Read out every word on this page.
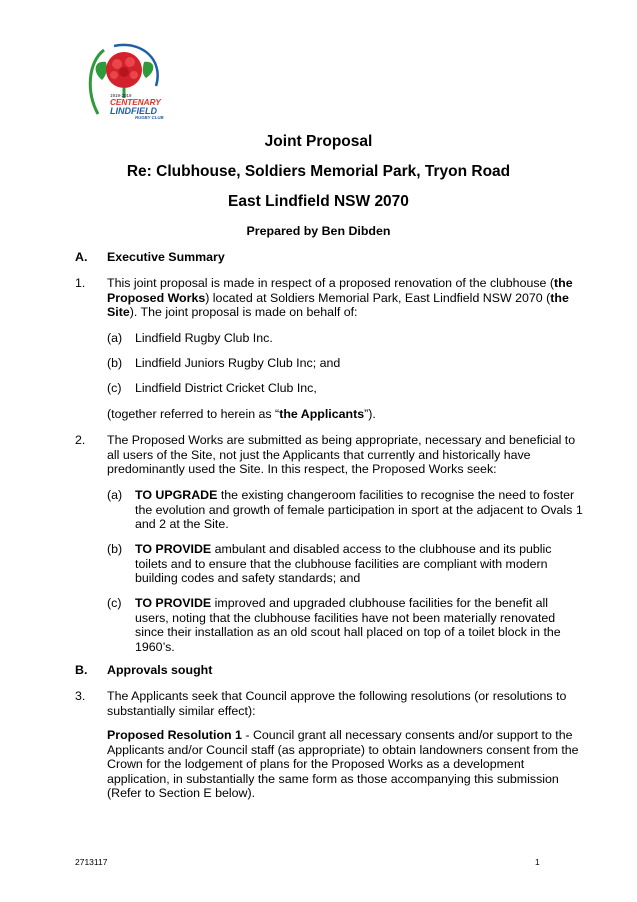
1919-2019
CENTENARY
LINDFIELD
RUGBY CLUB
Joint Proposal
Re: Clubhouse, Soldiers Memorial Park, Tryon Road
East Lindfield NSW 2070
Prepared by Ben Dibden
A. Executive Summary
1. This joint proposal is made in respect of a proposed renovation of the clubhouse (the
Proposed Works) located at Soldiers Memorial Park, East Lindfield NSW 2070 (the
Site). The joint proposal is made on behalf of:
(a) Lindfield Rugby Club Inc.
(b) Lindfield Juniors Rugby Club Inc; and
(c) Lindfield District Cricket Club Inc,
(together referred to herein as “the Applicants”).
2. The Proposed Works are submitted as being appropriate, necessary and beneficial to
all users of the Site, not just the Applicants that currently and historically have
predominantly used the Site. In this respect, the Proposed Works seek:
(a) TO UPGRADE the existing changeroom facilities to recognise the need to foster
the evolution and growth of female participation in sport at the adjacent to Ovals 1
and 2 at the Site.
(b) TO PROVIDE ambulant and disabled access to the clubhouse and its public
toilets and to ensure that the clubhouse facilities are compliant with modern
building codes and safety standards; and
(c) TO PROVIDE improved and upgraded clubhouse facilities for the benefit all
users, noting that the clubhouse facilities have not been materially renovated
since their installation as an old scout hall placed on top of a toilet block in the
1960’s.
B. Approvals sought
3. The Applicants seek that Council approve the following resolutions (or resolutions to
substantially similar effect):
Proposed Resolution 1 - Council grant all necessary consents and/or support to the
Applicants and/or Council staff (as appropriate) to obtain landowners consent from the
Crown for the lodgement of plans for the Proposed Works as a development
application, in substantially the same form as those accompanying this submission
(Refer to Section E below).
2713117	1
